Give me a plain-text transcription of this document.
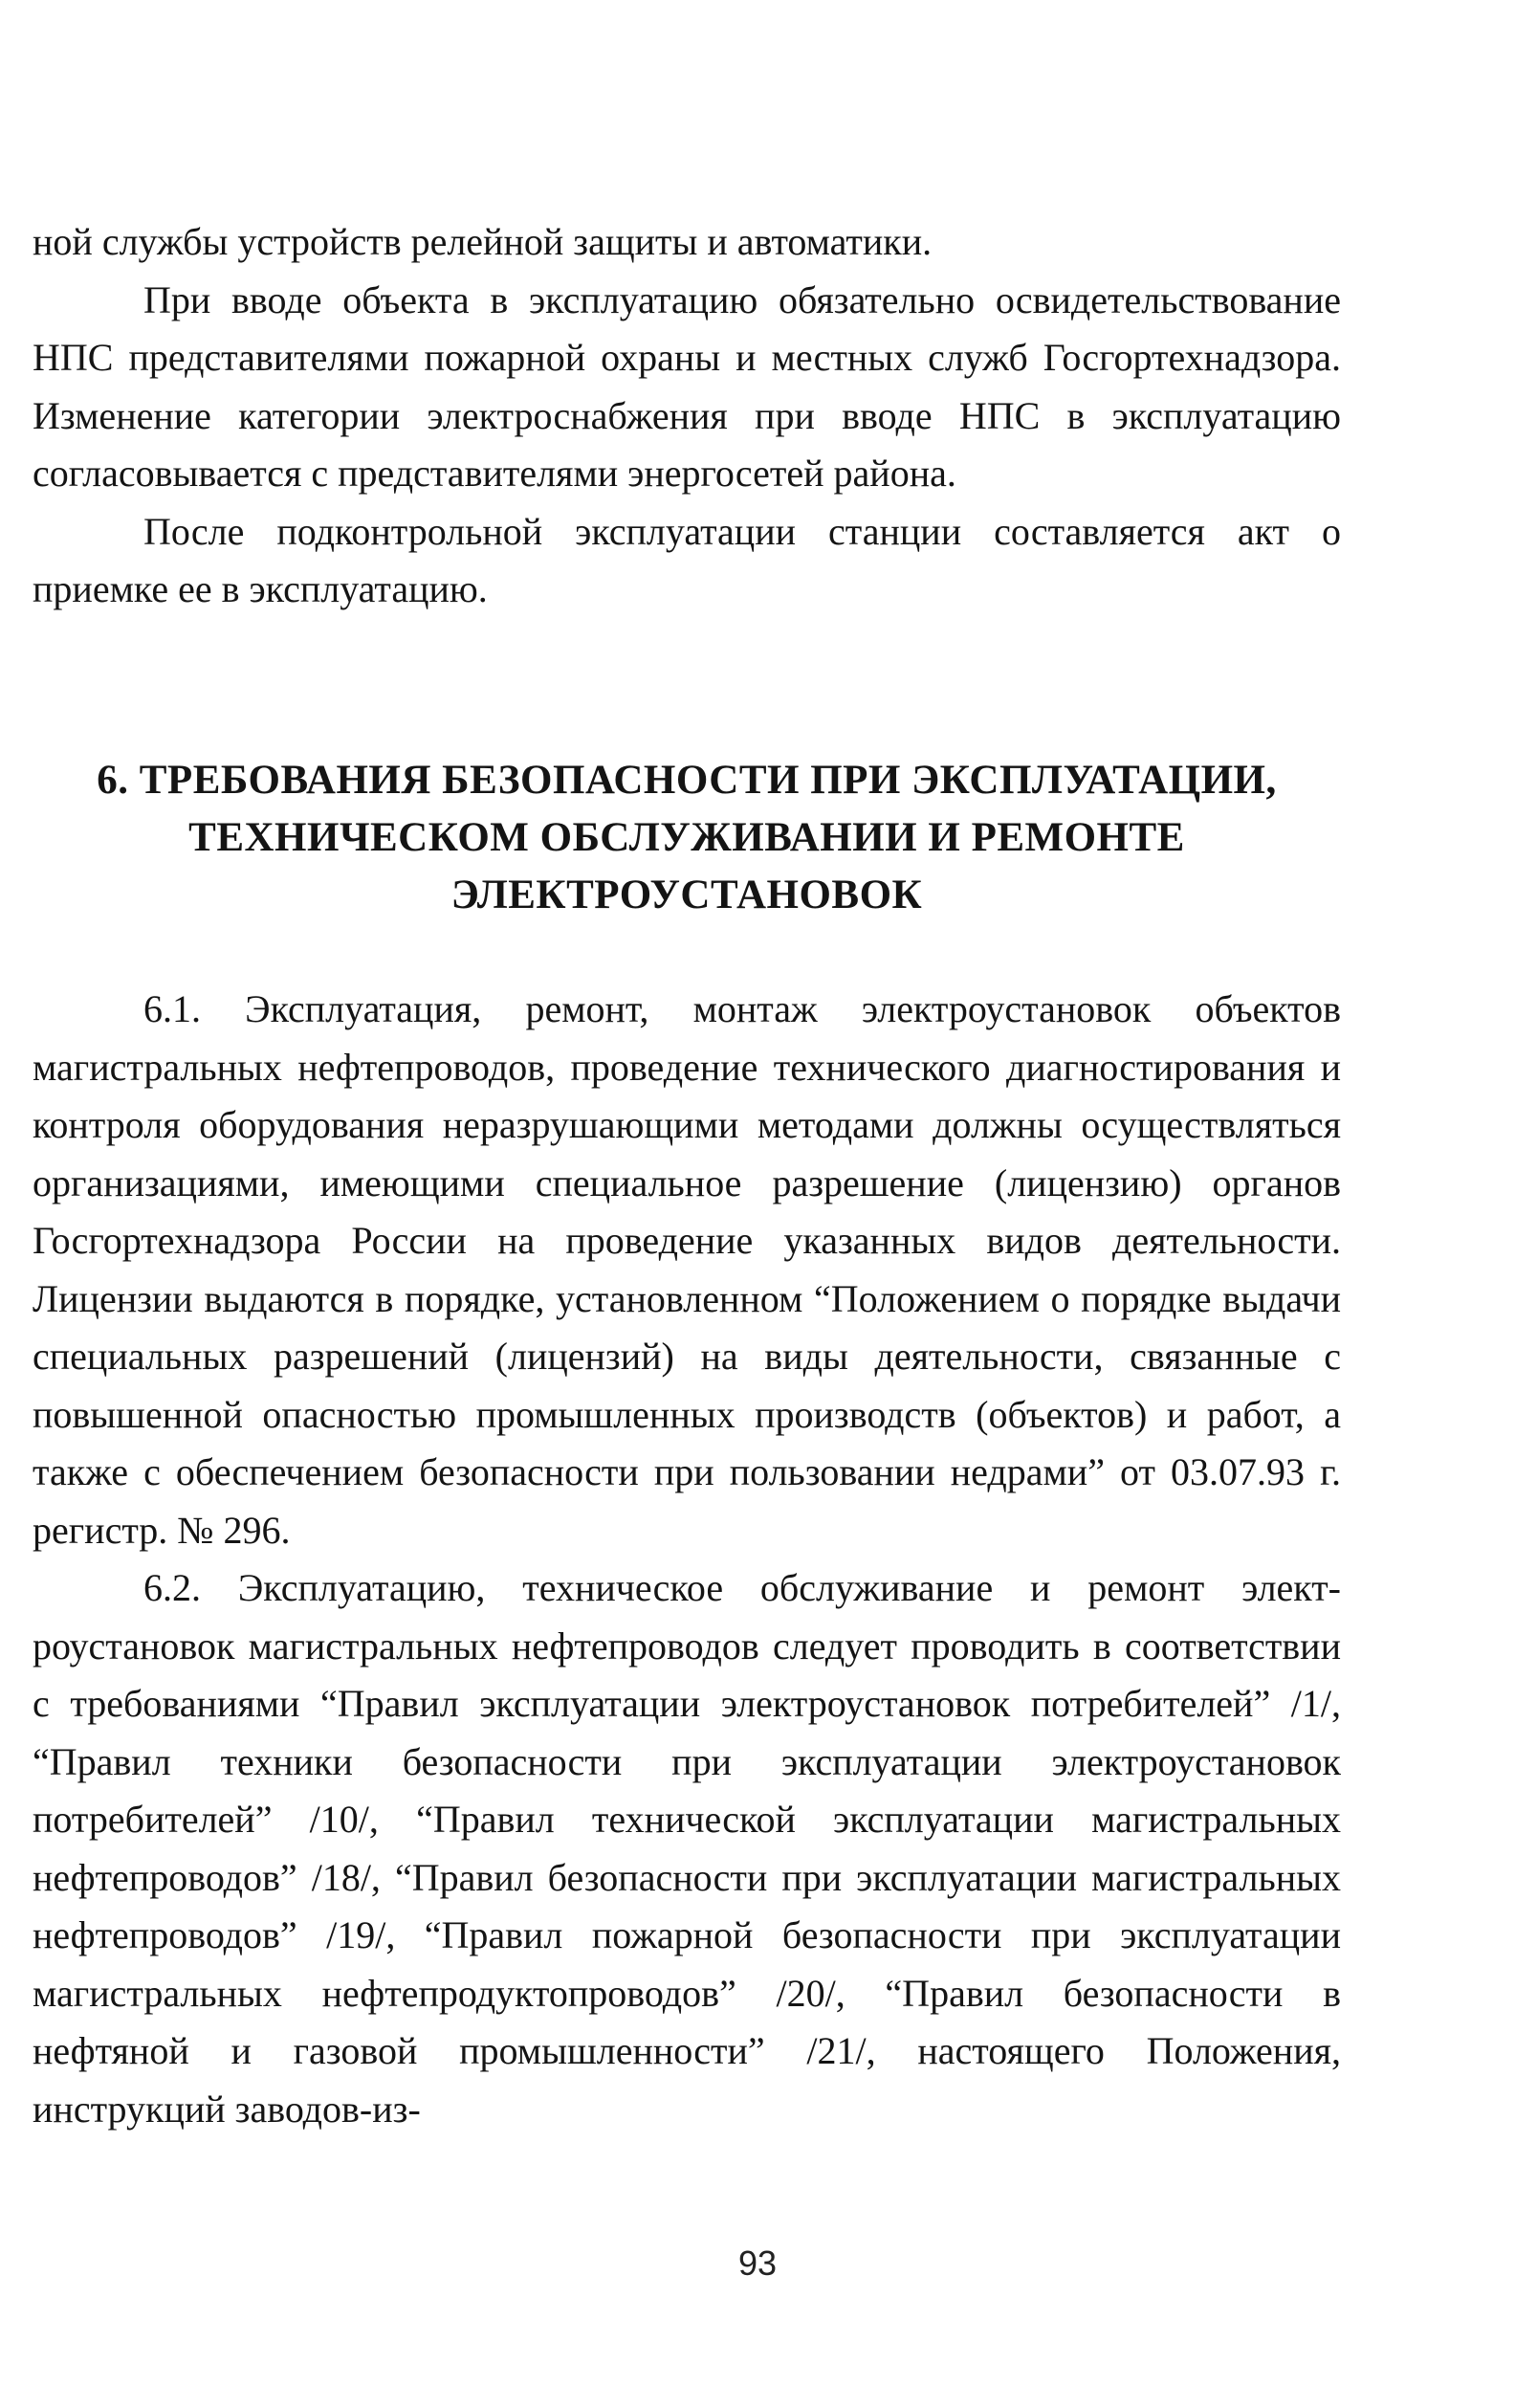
ной службы устройств релейной защиты и автоматики.

При вводе объекта в эксплуатацию обязательно освидетельствование НПС представителями пожарной охраны и местных служб Госгортехнадзора. Изменение категории электроснабжения при вводе НПС в эксплуатацию согласовывается с представителями энергосетей района.

После подконтрольной эксплуатации станции составляется акт о приемке ее в эксплуатацию.

6. ТРЕБОВАНИЯ БЕЗОПАСНОСТИ ПРИ ЭКСПЛУАТАЦИИ,
ТЕХНИЧЕСКОМ ОБСЛУЖИВАНИИ И РЕМОНТЕ
ЭЛЕКТРОУСТАНОВОК

6.1. Эксплуатация, ремонт, монтаж электроустановок объектов магистральных нефтепроводов, проведение технического диагностирования и контроля оборудования неразрушающими методами должны осуществляться организациями, имеющими специальное разрешение (лицензию) органов Госгортехнадзора России на проведение указанных видов деятельности. Лицензии выдаются в порядке, установленном “Положением о порядке выдачи специальных разрешений (лицензий) на виды деятельности, связанные с повышенной опасностью промышленных производств (объектов) и работ, а также с обеспечением безопасности при пользовании недрами” от 03.07.93 г. регистр. № 296.

6.2. Эксплуатацию, техническое обслуживание и ремонт электроустановок магистральных нефтепроводов следует проводить в соответствии с требованиями “Правил эксплуатации электроустановок потребителей” /1/, “Правил техники безопасности при эксплуатации электроустановок потребителей” /10/, “Правил технической эксплуатации магистральных нефтепроводов” /18/, “Правил безопасности при эксплуатации магистральных нефтепроводов” /19/, “Правил пожарной безопасности при эксплуатации магистральных нефтепродуктопроводов” /20/, “Правил безопасности в нефтяной и газовой промышленности” /21/, настоящего Положения, инструкций заводов-из-

93
